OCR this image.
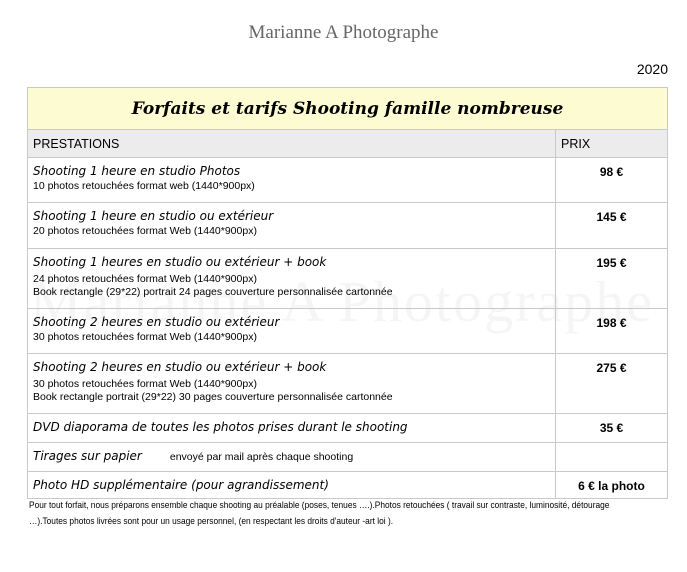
Marianne A Photographe
2020
Forfaits et tarifs Shooting famille nombreuse	
PRESTATIONS	PRIX

Shooting 1 heure en studio Photos
10 photos retouchées format web (1440*900px)	98 €

Shooting 1 heure en studio ou extérieur
20 photos retouchées format Web (1440*900px)	145 €

Shooting 1 heures en studio ou extérieur + book
24 photos retouchées format Web (1440*900px)
Book rectangle (29*22) portrait 24 pages couverture personnalisée cartonnée	195 €

Shooting 2 heures en studio ou extérieur
30 photos retouchées format Web (1440*900px)	198 €

Shooting 2 heures en studio ou extérieur + book
30 photos retouchées format Web (1440*900px)
Book rectangle portrait (29*22) 30 pages couverture personnalisée cartonnée	275 €

DVD diaporama de toutes les photos prises durant le shooting	35 €

Tirages sur papier envoyé par mail après chaque shooting	

Photo HD supplémentaire (pour agrandissement)	6 € la photo
Pour tout forfait, nous préparons ensemble chaque shooting au préalable (poses, tenues ….).Photos retouchées ( travail sur contraste, luminosité, détourage
…).Toutes photos livrées sont pour un usage personnel, (en respectant les droits d'auteur -art loi ).
